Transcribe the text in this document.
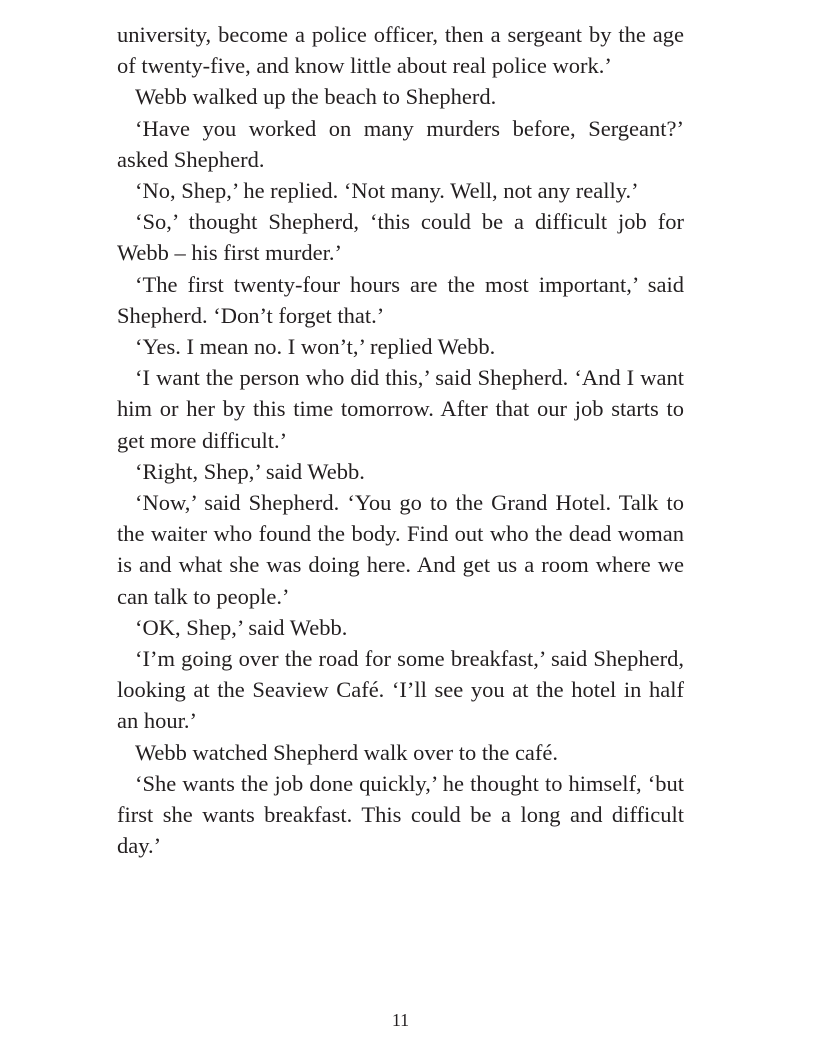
university, become a police officer, then a sergeant by the age of twenty-five, and know little about real police work.’

Webb walked up the beach to Shepherd.

‘Have you worked on many murders before, Sergeant?’ asked Shepherd.

‘No, Shep,’ he replied. ‘Not many. Well, not any really.’

‘So,’ thought Shepherd, ‘this could be a difficult job for Webb – his first murder.’

‘The first twenty-four hours are the most important,’ said Shepherd. ‘Don’t forget that.’

‘Yes. I mean no. I won’t,’ replied Webb.

‘I want the person who did this,’ said Shepherd. ‘And I want him or her by this time tomorrow. After that our job starts to get more difficult.’

‘Right, Shep,’ said Webb.

‘Now,’ said Shepherd. ‘You go to the Grand Hotel. Talk to the waiter who found the body. Find out who the dead woman is and what she was doing here. And get us a room where we can talk to people.’

‘OK, Shep,’ said Webb.

‘I’m going over the road for some breakfast,’ said Shepherd, looking at the Seaview Café. ‘I’ll see you at the hotel in half an hour.’

Webb watched Shepherd walk over to the café.

‘She wants the job done quickly,’ he thought to himself, ‘but first she wants breakfast. This could be a long and difficult day.’

11
